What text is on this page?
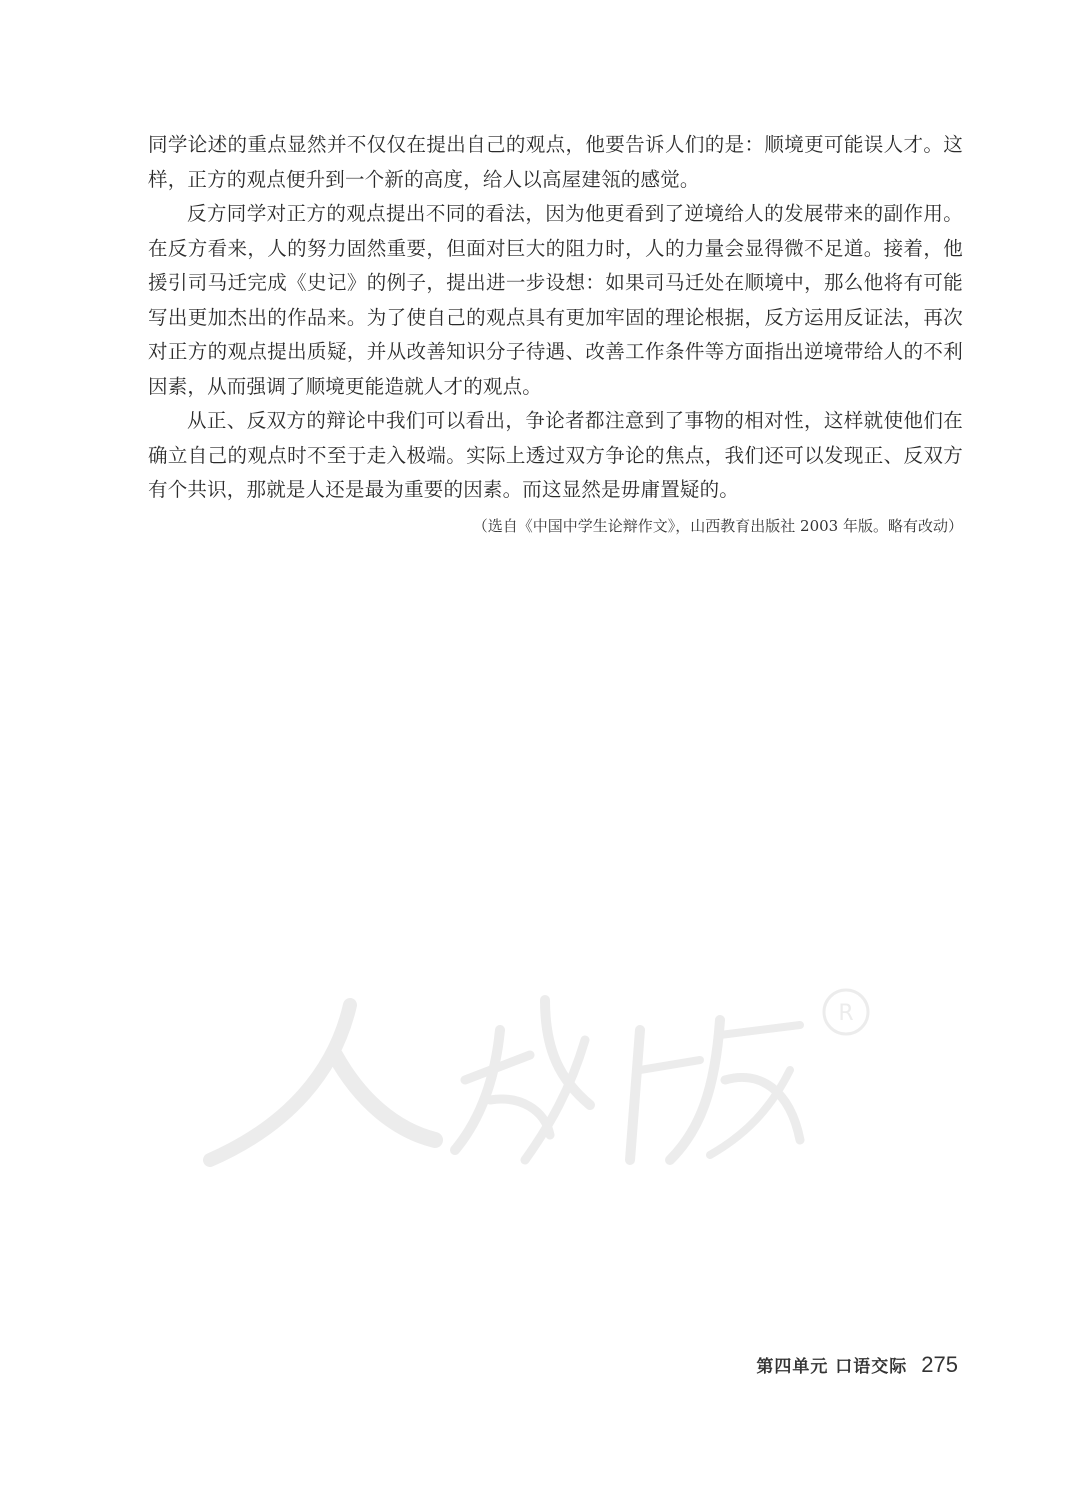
同学论述的重点显然并不仅仅在提出自己的观点，他要告诉人们的是：顺境更可能误人才。这样，正方的观点便升到一个新的高度，给人以高屋建瓴的感觉。

反方同学对正方的观点提出不同的看法，因为他更看到了逆境给人的发展带来的副作用。在反方看来，人的努力固然重要，但面对巨大的阻力时，人的力量会显得微不足道。接着，他援引司马迁完成《史记》的例子，提出进一步设想：如果司马迁处在顺境中，那么他将有可能写出更加杰出的作品来。为了使自己的观点具有更加牢固的理论根据，反方运用反证法，再次对正方的观点提出质疑，并从改善知识分子待遇、改善工作条件等方面指出逆境带给人的不利因素，从而强调了顺境更能造就人才的观点。

从正、反双方的辩论中我们可以看出，争论者都注意到了事物的相对性，这样就使他们在确立自己的观点时不至于走入极端。实际上透过双方争论的焦点，我们还可以发现正、反双方有个共识，那就是人还是最为重要的因素。而这显然是毋庸置疑的。

（选自《中国中学生论辩作文》，山西教育出版社 2003 年版。略有改动）
R
第四单元 口语交际 275
